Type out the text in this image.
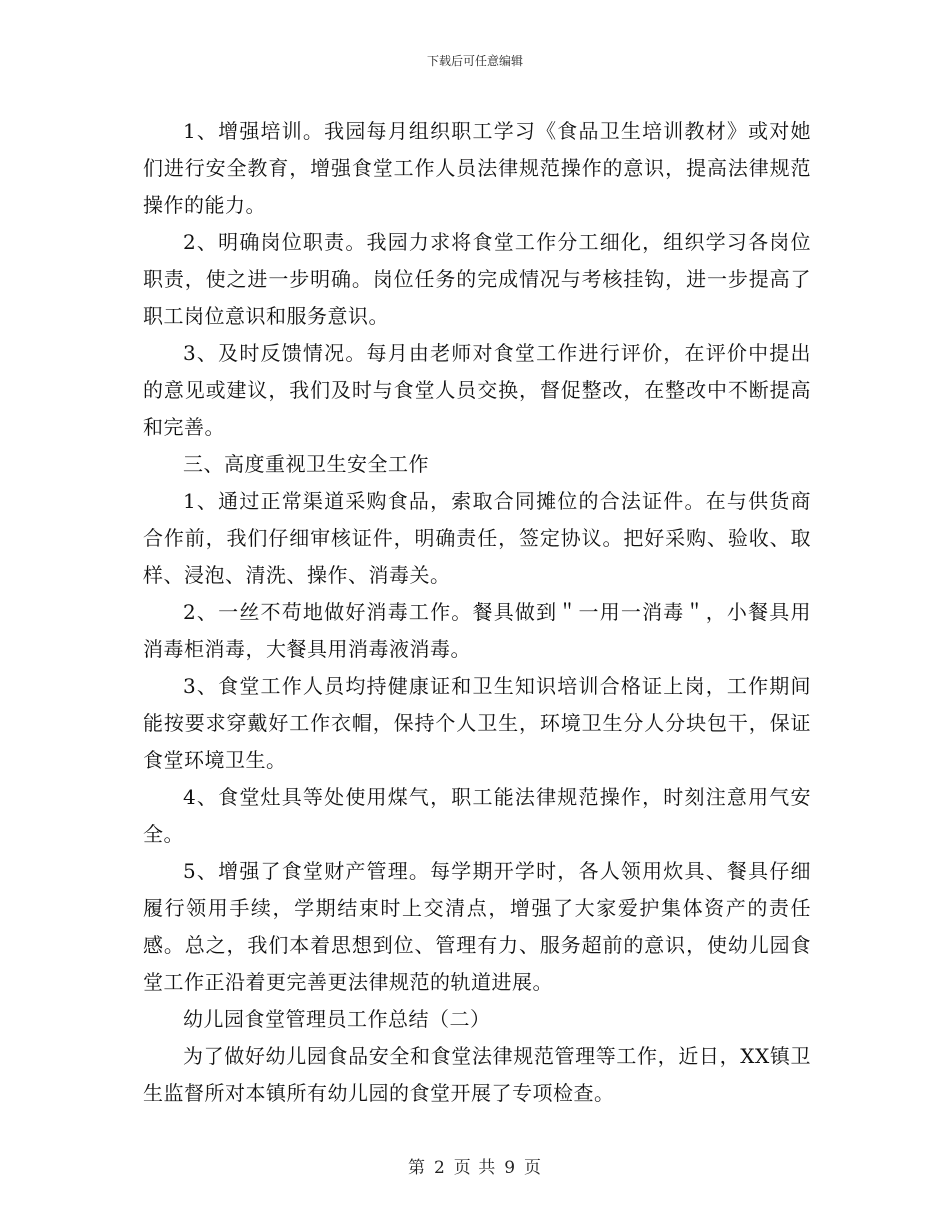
下载后可任意编辑

1、增强培训。我园每月组织职工学习《食品卫生培训教材》或对她们进行安全教育，增强食堂工作人员法律规范操作的意识，提高法律规范操作的能力。

2、明确岗位职责。我园力求将食堂工作分工细化，组织学习各岗位职责，使之进一步明确。岗位任务的完成情况与考核挂钩，进一步提高了职工岗位意识和服务意识。

3、及时反馈情况。每月由老师对食堂工作进行评价，在评价中提出的意见或建议，我们及时与食堂人员交换，督促整改，在整改中不断提高和完善。

三、高度重视卫生安全工作

1、通过正常渠道采购食品，索取合同摊位的合法证件。在与供货商合作前，我们仔细审核证件，明确责任，签定协议。把好采购、验收、取样、浸泡、清洗、操作、消毒关。

2、一丝不苟地做好消毒工作。餐具做到＂一用一消毒＂，小餐具用消毒柜消毒，大餐具用消毒液消毒。

3、食堂工作人员均持健康证和卫生知识培训合格证上岗，工作期间能按要求穿戴好工作衣帽，保持个人卫生，环境卫生分人分块包干，保证食堂环境卫生。

4、食堂灶具等处使用煤气，职工能法律规范操作，时刻注意用气安全。

5、增强了食堂财产管理。每学期开学时，各人领用炊具、餐具仔细履行领用手续，学期结束时上交清点，增强了大家爱护集体资产的责任感。总之，我们本着思想到位、管理有力、服务超前的意识，使幼儿园食堂工作正沿着更完善更法律规范的轨道进展。

幼儿园食堂管理员工作总结（二）

为了做好幼儿园食品安全和食堂法律规范管理等工作，近日，XX镇卫生监督所对本镇所有幼儿园的食堂开展了专项检查。

第 2 页 共 9 页
